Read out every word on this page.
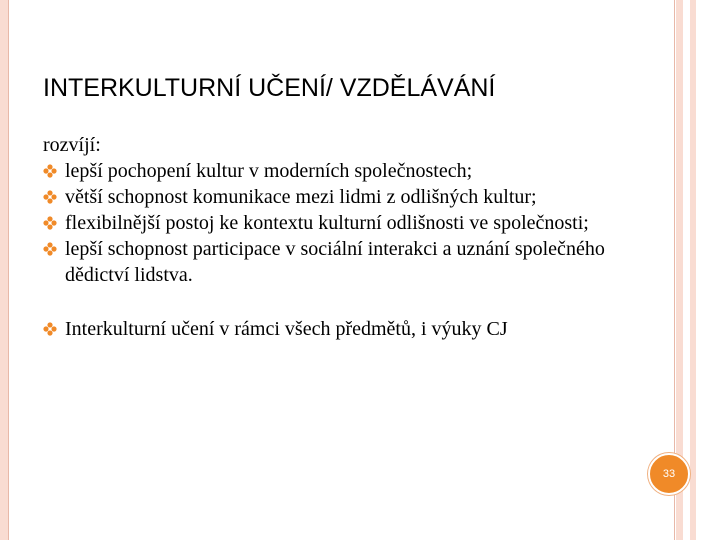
INTERKULTURNÍ UČENÍ/ VZDĚLÁVÁNÍ
rozvíjí:
lepší pochopení kultur v moderních společnostech;
větší schopnost komunikace mezi lidmi z odlišných kultur;
flexibilnější postoj ke kontextu kulturní odlišnosti ve společnosti;
lepší schopnost participace v sociální interakci a uznání společného dědictví lidstva.
Interkulturní učení v rámci všech předmětů, i výuky CJ
33
